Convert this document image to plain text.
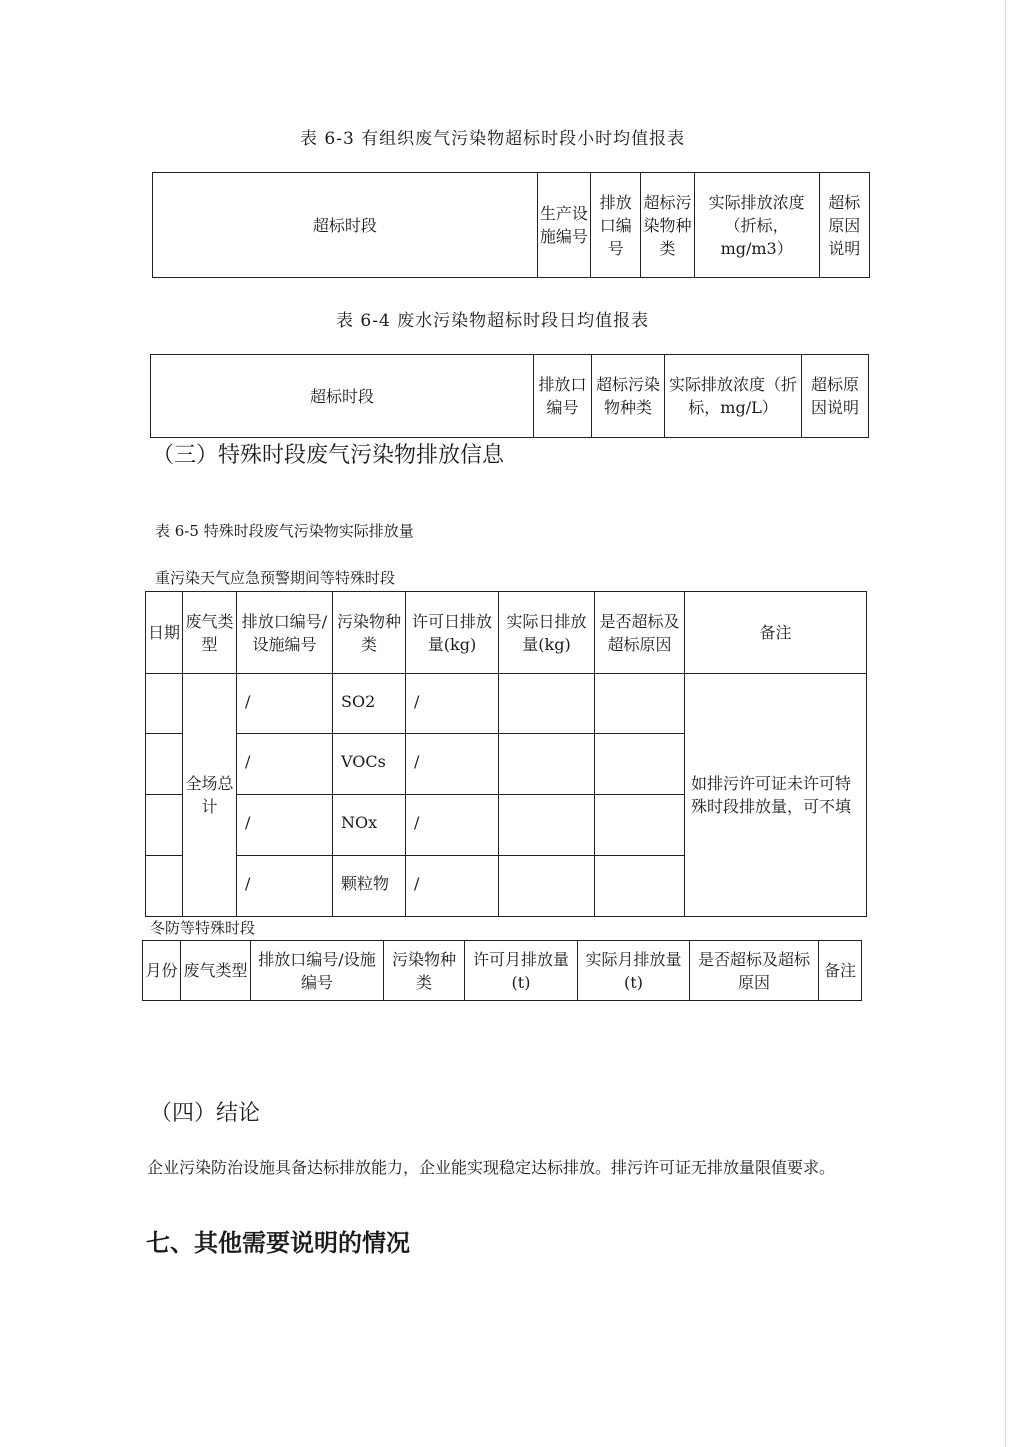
表 6-3 有组织废气污染物超标时段小时均值报表
超标时段	生产设施编号	排放口编号	超标污染物种类	实际排放浓度（折标，mg/m3）	超标原因说明
表 6-4 废水污染物超标时段日均值报表
超标时段	排放口编号	超标污染物种类	实际排放浓度（折标，mg/L）	超标原因说明
（三）特殊时段废气污染物排放信息
表 6-5 特殊时段废气污染物实际排放量
重污染天气应急预警期间等特殊时段
日期	废气类型	排放口编号/设施编号	污染物种类	许可日排放量(kg)	实际日排放量(kg)	是否超标及超标原因	备注
	全场总计	/	SO2	/			如排污许可证未许可特殊时段排放量，可不填
		/	VOCs	/			
		/	NOx	/			
		/	颗粒物	/			
冬防等特殊时段
月份	废气类型	排放口编号/设施编号	污染物种类	许可月排放量(t)	实际月排放量(t)	是否超标及超标原因	备注
（四）结论
企业污染防治设施具备达标排放能力，企业能实现稳定达标排放。排污许可证无排放量限值要求。
七、其他需要说明的情况
